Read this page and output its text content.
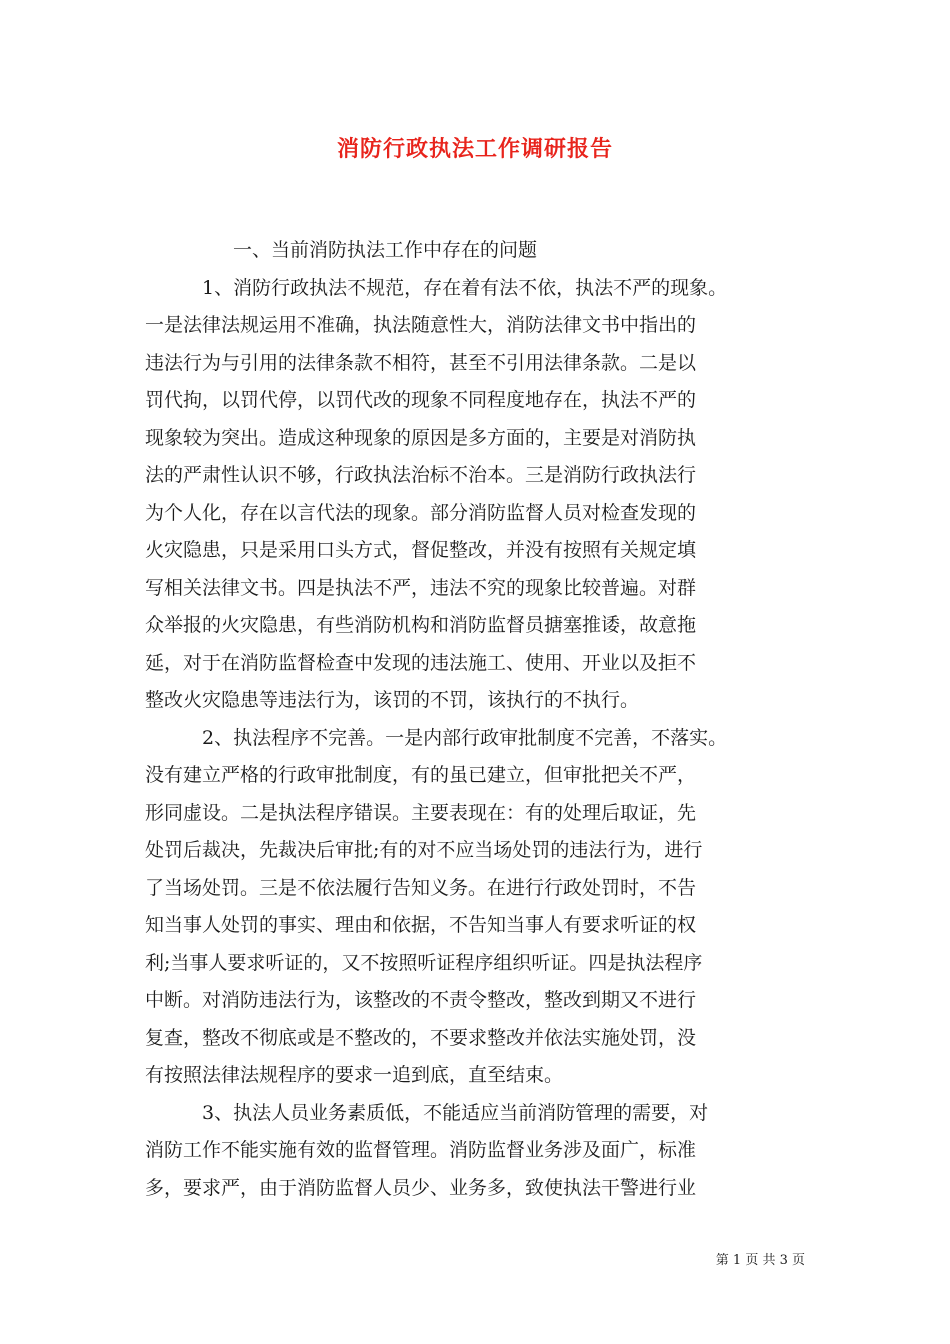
消防行政执法工作调研报告
一、当前消防执法工作中存在的问题

1、消防行政执法不规范，存在着有法不依，执法不严的现象。
一是法律法规运用不准确，执法随意性大，消防法律文书中指出的
违法行为与引用的法律条款不相符，甚至不引用法律条款。二是以
罚代拘，以罚代停，以罚代改的现象不同程度地存在，执法不严的
现象较为突出。造成这种现象的原因是多方面的，主要是对消防执
法的严肃性认识不够，行政执法治标不治本。三是消防行政执法行
为个人化，存在以言代法的现象。部分消防监督人员对检查发现的
火灾隐患，只是采用口头方式，督促整改，并没有按照有关规定填
写相关法律文书。四是执法不严，违法不究的现象比较普遍。对群
众举报的火灾隐患，有些消防机构和消防监督员搪塞推诿，故意拖
延，对于在消防监督检查中发现的违法施工、使用、开业以及拒不
整改火灾隐患等违法行为，该罚的不罚，该执行的不执行。

2、执法程序不完善。一是内部行政审批制度不完善，不落实。
没有建立严格的行政审批制度，有的虽已建立，但审批把关不严，
形同虚设。二是执法程序错误。主要表现在：有的处理后取证，先
处罚后裁决，先裁决后审批;有的对不应当场处罚的违法行为，进行
了当场处罚。三是不依法履行告知义务。在进行行政处罚时，不告
知当事人处罚的事实、理由和依据，不告知当事人有要求听证的权
利;当事人要求听证的，又不按照听证程序组织听证。四是执法程序
中断。对消防违法行为，该整改的不责令整改，整改到期又不进行
复查，整改不彻底或是不整改的，不要求整改并依法实施处罚，没
有按照法律法规程序的要求一追到底，直至结束。

3、执法人员业务素质低，不能适应当前消防管理的需要，对
消防工作不能实施有效的监督管理。消防监督业务涉及面广，标准
多，要求严，由于消防监督人员少、业务多，致使执法干警进行业

第 1 页 共 3 页
